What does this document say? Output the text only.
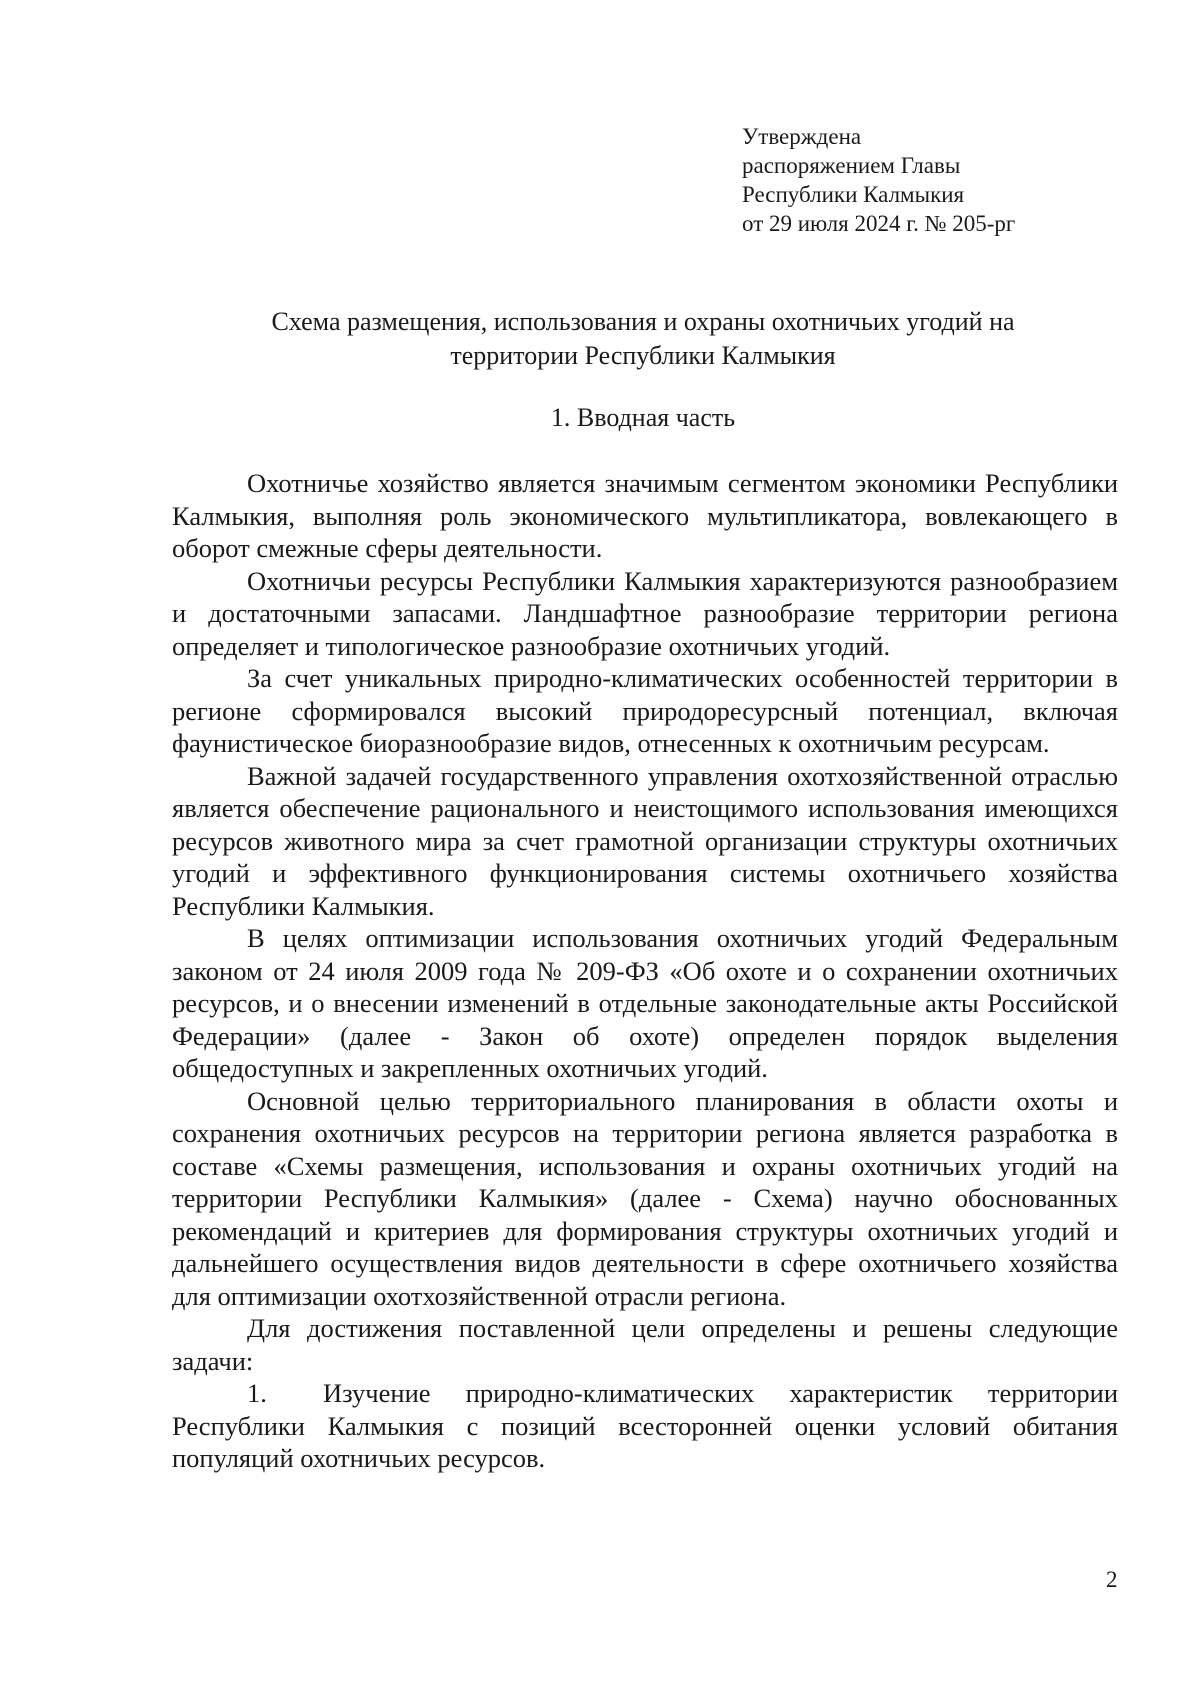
Утверждена
распоряжением Главы
Республики Калмыкия
от 29 июля 2024 г. № 205-рг
Схема размещения, использования и охраны охотничьих угодий на
территории Республики Калмыкия
1. Вводная часть

Охотничье хозяйство является значимым сегментом экономики Республики Калмыкия, выполняя роль экономического мультипликатора, вовлекающего в оборот смежные сферы деятельности.

Охотничьи ресурсы Республики Калмыкия характеризуются разнообразием и достаточными запасами. Ландшафтное разнообразие территории региона определяет и типологическое разнообразие охотничьих угодий.

За счет уникальных природно-климатических особенностей территории в регионе сформировался высокий природоресурсный потенциал, включая фаунистическое биоразнообразие видов, отнесенных к охотничьим ресурсам.

Важной задачей государственного управления охотхозяйственной отраслью является обеспечение рационального и неистощимого использования имеющихся ресурсов животного мира за счет грамотной организации структуры охотничьих угодий и эффективного функционирования системы охотничьего хозяйства Республики Калмыкия.

В целях оптимизации использования охотничьих угодий Федеральным законом от 24 июля 2009 года № 209-ФЗ «Об охоте и о сохранении охотничьих ресурсов, и о внесении изменений в отдельные законодательные акты Российской Федерации» (далее - Закон об охоте) определен порядок выделения общедоступных и закрепленных охотничьих угодий.

Основной целью территориального планирования в области охоты и сохранения охотничьих ресурсов на территории региона является разработка в составе «Схемы размещения, использования и охраны охотничьих угодий на территории Республики Калмыкия» (далее - Схема) научно обоснованных рекомендаций и критериев для формирования структуры охотничьих угодий и дальнейшего осуществления видов деятельности в сфере охотничьего хозяйства для оптимизации охотхозяйственной отрасли региона.

Для достижения поставленной цели определены и решены следующие задачи:

1. Изучение природно-климатических характеристик территории Республики Калмыкия с позиций всесторонней оценки условий обитания популяций охотничьих ресурсов.

2
